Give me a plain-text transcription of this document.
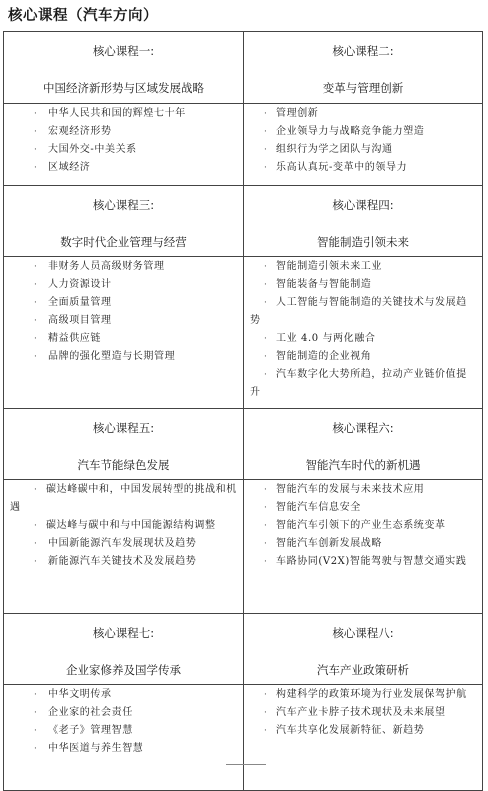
核心课程（汽车方向）
核心课程一:
中国经济新形势与区域发展战略
· 中华人民共和国的辉煌七十年
· 宏观经济形势
· 大国外交-中美关系
· 区域经济
核心课程二:
变革与管理创新
· 管理创新
· 企业领导力与战略竞争能力塑造
· 组织行为学之团队与沟通
· 乐高认真玩-变革中的领导力
核心课程三:
数字时代企业管理与经营
· 非财务人员高级财务管理
· 人力资源设计
· 全面质量管理
· 高级项目管理
· 精益供应链
· 品牌的强化塑造与长期管理
核心课程四:
智能制造引领未来
· 智能制造引领未来工业
· 智能装备与智能制造
· 人工智能与智能制造的关键技术与发展趋势
· 工业 4.0 与两化融合
· 智能制造的企业视角
· 汽车数字化大势所趋，拉动产业链价值提升
核心课程五:
汽车节能绿色发展
· 碳达峰碳中和，中国发展转型的挑战和机遇
· 碳达峰与碳中和与中国能源结构调整
· 中国新能源汽车发展现状及趋势
· 新能源汽车关键技术及发展趋势
核心课程六:
智能汽车时代的新机遇
· 智能汽车的发展与未来技术应用
· 智能汽车信息安全
· 智能汽车引领下的产业生态系统变革
· 智能汽车创新发展战略
· 车路协同(V2X)智能驾驶与智慧交通实践
核心课程七:
企业家修养及国学传承
· 中华文明传承
· 企业家的社会责任
· 《老子》管理智慧
· 中华医道与养生智慧
核心课程八:
汽车产业政策研析
· 构建科学的政策环境为行业发展保驾护航
· 汽车产业卡脖子技术现状及未来展望
· 汽车共享化发展新特征、新趋势
